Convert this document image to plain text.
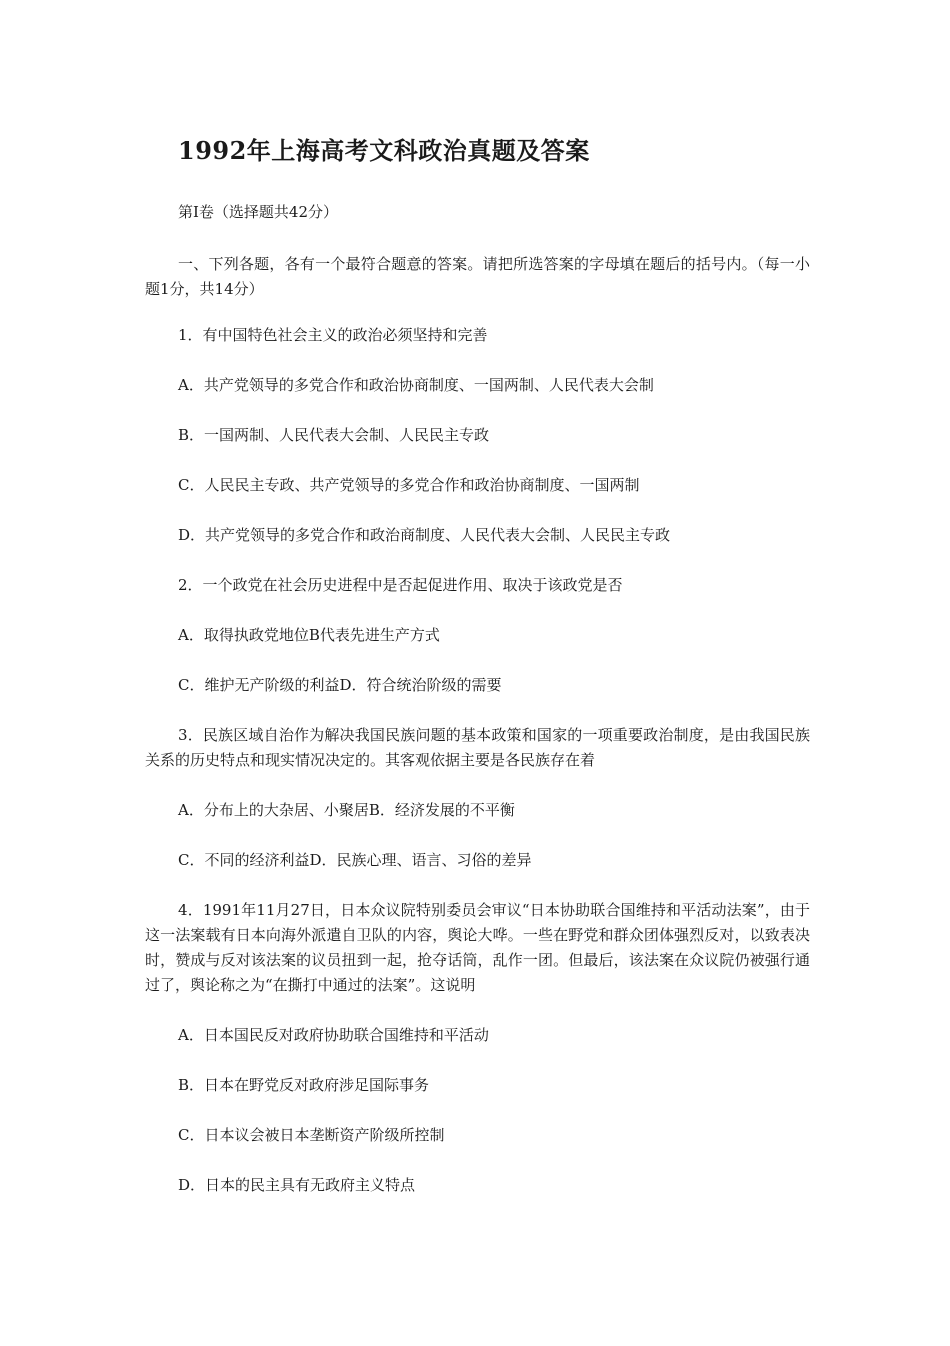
1992年上海高考文科政治真题及答案
第I卷（选择题共42分）
一、下列各题，各有一个最符合题意的答案。请把所选答案的字母填在题后的括号内。（每一小题1分，共14分）
1．有中国特色社会主义的政治必须坚持和完善
A．共产党领导的多党合作和政治协商制度、一国两制、人民代表大会制
B．一国两制、人民代表大会制、人民民主专政
C．人民民主专政、共产党领导的多党合作和政治协商制度、一国两制
D．共产党领导的多党合作和政治商制度、人民代表大会制、人民民主专政
2．一个政党在社会历史进程中是否起促进作用、取决于该政党是否
A．取得执政党地位B代表先进生产方式
C．维护无产阶级的利益D．符合统治阶级的需要
3．民族区域自治作为解决我国民族问题的基本政策和国家的一项重要政治制度，是由我国民族关系的历史特点和现实情况决定的。其客观依据主要是各民族存在着
A．分布上的大杂居、小聚居B．经济发展的不平衡
C．不同的经济利益D．民族心理、语言、习俗的差异
4．1991年11月27日，日本众议院特别委员会审议“日本协助联合国维持和平活动法案”，由于这一法案载有日本向海外派遣自卫队的内容，舆论大哗。一些在野党和群众团体强烈反对，以致表决时，赞成与反对该法案的议员扭到一起，抢夺话筒，乱作一团。但最后，该法案在众议院仍被强行通过了，舆论称之为“在撕打中通过的法案”。这说明
A．日本国民反对政府协助联合国维持和平活动
B．日本在野党反对政府涉足国际事务
C．日本议会被日本垄断资产阶级所控制
D．日本的民主具有无政府主义特点
